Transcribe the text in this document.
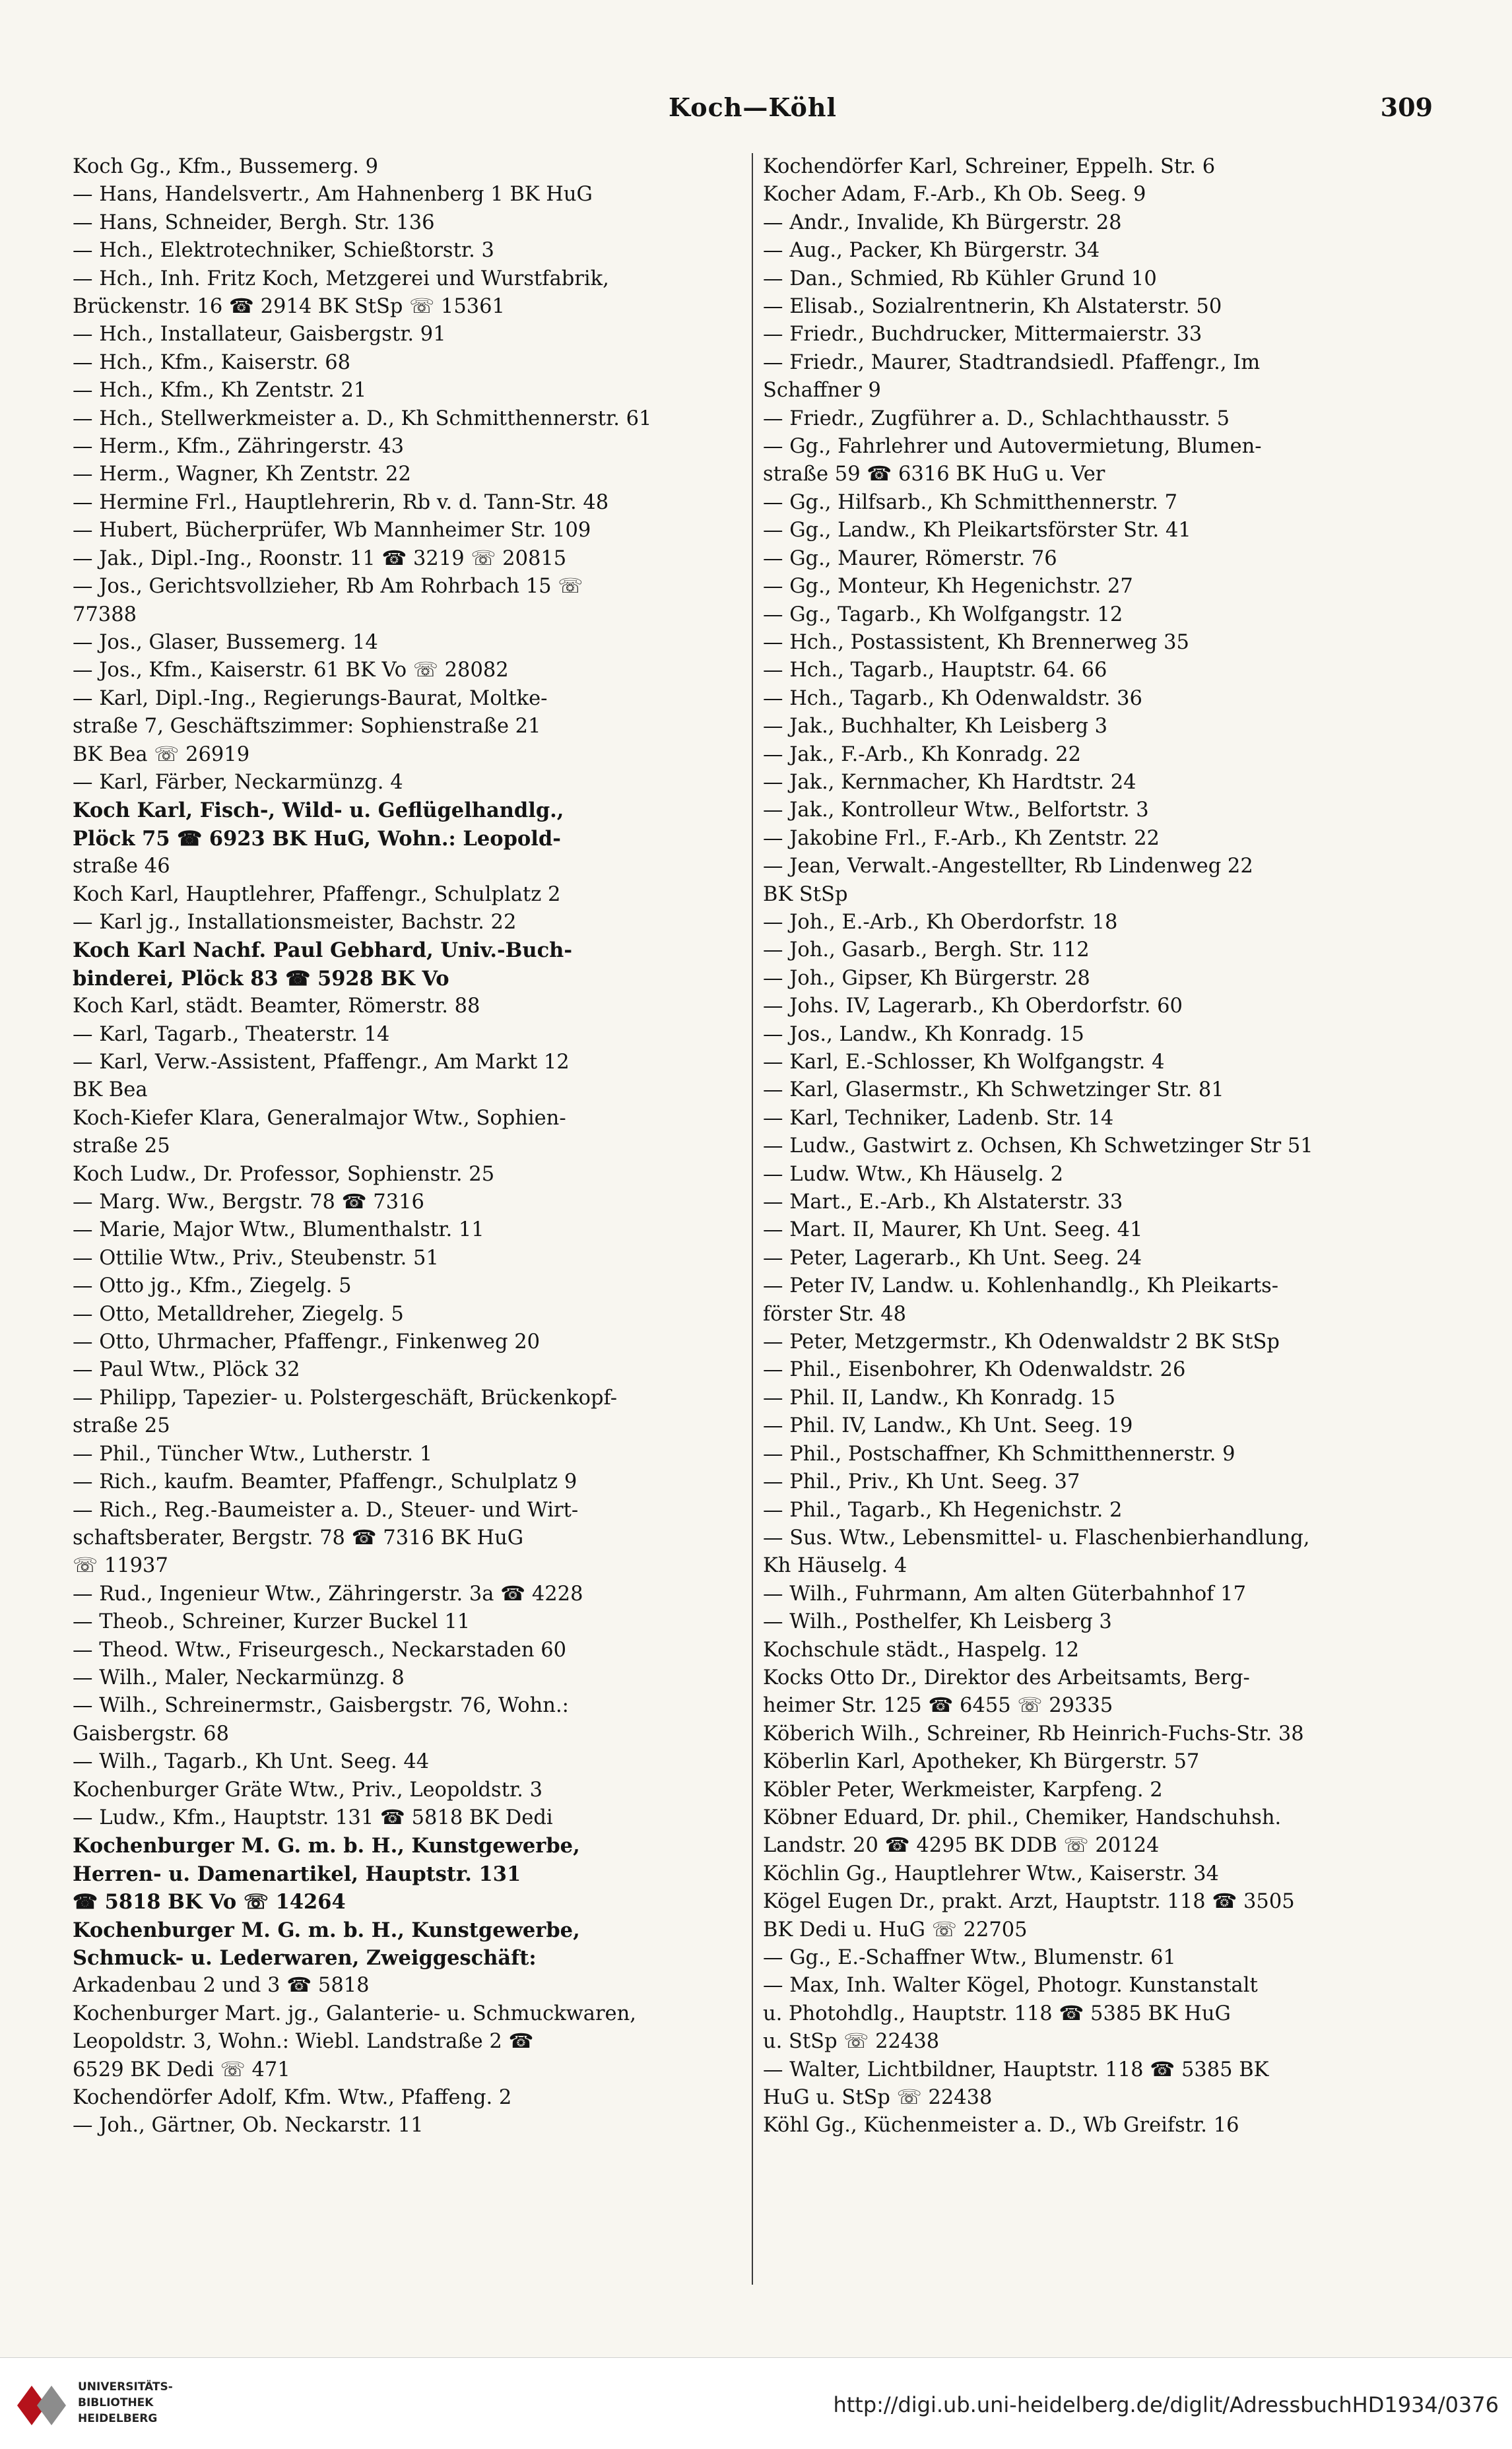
Koch—Köhl	309
Koch Gg., Kfm., Bussemerg. 9
— Hans, Handelsvertr., Am Hahnenberg 1 BK HuG
— Hans, Schneider, Bergh. Str. 136
— Hch., Elektrotechniker, Schießtorstr. 3
— Hch., Inh. Fritz Koch, Metzgerei und Wurstfabrik,
Brückenstr. 16 ☎ 2914 BK StSp ☏ 15361
— Hch., Installateur, Gaisbergstr. 91
— Hch., Kfm., Kaiserstr. 68
— Hch., Kfm., Kh Zentstr. 21
— Hch., Stellwerkmeister a. D., Kh Schmitthennerstr. 61
— Herm., Kfm., Zähringerstr. 43
— Herm., Wagner, Kh Zentstr. 22
— Hermine Frl., Hauptlehrerin, Rb v. d. Tann-Str. 48
— Hubert, Bücherprüfer, Wb Mannheimer Str. 109
— Jak., Dipl.-Ing., Roonstr. 11 ☎ 3219 ☏ 20815
— Jos., Gerichtsvollzieher, Rb Am Rohrbach 15 ☏
77388
— Jos., Glaser, Bussemerg. 14
— Jos., Kfm., Kaiserstr. 61 BK Vo ☏ 28082
— Karl, Dipl.-Ing., Regierungs-Baurat, Moltke-
straße 7, Geschäftszimmer: Sophienstraße 21
BK Bea ☏ 26919
— Karl, Färber, Neckarmünzg. 4
Koch Karl, Fisch-, Wild- u. Geflügelhandlg.,
Plöck 75 ☎ 6923 BK HuG, Wohn.: Leopold-
straße 46
Koch Karl, Hauptlehrer, Pfaffengr., Schulplatz 2
— Karl jg., Installationsmeister, Bachstr. 22
Koch Karl Nachf. Paul Gebhard, Univ.-Buch-
binderei, Plöck 83 ☎ 5928 BK Vo
Koch Karl, städt. Beamter, Römerstr. 88
— Karl, Tagarb., Theaterstr. 14
— Karl, Verw.-Assistent, Pfaffengr., Am Markt 12
BK Bea
Koch-Kiefer Klara, Generalmajor Wtw., Sophien-
straße 25
Koch Ludw., Dr. Professor, Sophienstr. 25
— Marg. Ww., Bergstr. 78 ☎ 7316
— Marie, Major Wtw., Blumenthalstr. 11
— Ottilie Wtw., Priv., Steubenstr. 51
— Otto jg., Kfm., Ziegelg. 5
— Otto, Metalldreher, Ziegelg. 5
— Otto, Uhrmacher, Pfaffengr., Finkenweg 20
— Paul Wtw., Plöck 32
— Philipp, Tapezier- u. Polstergeschäft, Brückenkopf-
straße 25
— Phil., Tüncher Wtw., Lutherstr. 1
— Rich., kaufm. Beamter, Pfaffengr., Schulplatz 9
— Rich., Reg.-Baumeister a. D., Steuer- und Wirt-
schaftsberater, Bergstr. 78 ☎ 7316 BK HuG
☏ 11937
— Rud., Ingenieur Wtw., Zähringerstr. 3a ☎ 4228
— Theob., Schreiner, Kurzer Buckel 11
— Theod. Wtw., Friseurgesch., Neckarstaden 60
— Wilh., Maler, Neckarmünzg. 8
— Wilh., Schreinermstr., Gaisbergstr. 76, Wohn.:
Gaisbergstr. 68
— Wilh., Tagarb., Kh Unt. Seeg. 44
Kochenburger Gräte Wtw., Priv., Leopoldstr. 3
— Ludw., Kfm., Hauptstr. 131 ☎ 5818 BK Dedi
Kochenburger M. G. m. b. H., Kunstgewerbe,
Herren- u. Damenartikel, Hauptstr. 131
☎ 5818 BK Vo ☏ 14264
Kochenburger M. G. m. b. H., Kunstgewerbe,
Schmuck- u. Lederwaren, Zweiggeschäft:
Arkadenbau 2 und 3 ☎ 5818
Kochenburger Mart. jg., Galanterie- u. Schmuckwaren,
Leopoldstr. 3, Wohn.: Wiebl. Landstraße 2 ☎
6529 BK Dedi ☏ 471
Kochendörfer Adolf, Kfm. Wtw., Pfaffeng. 2
— Joh., Gärtner, Ob. Neckarstr. 11
Kochendörfer Karl, Schreiner, Eppelh. Str. 6
Kocher Adam, F.-Arb., Kh Ob. Seeg. 9
— Andr., Invalide, Kh Bürgerstr. 28
— Aug., Packer, Kh Bürgerstr. 34
— Dan., Schmied, Rb Kühler Grund 10
— Elisab., Sozialrentnerin, Kh Alstaterstr. 50
— Friedr., Buchdrucker, Mittermaierstr. 33
— Friedr., Maurer, Stadtrandsiedl. Pfaffengr., Im
Schaffner 9
— Friedr., Zugführer a. D., Schlachthausstr. 5
— Gg., Fahrlehrer und Autovermietung, Blumen-
straße 59 ☎ 6316 BK HuG u. Ver
— Gg., Hilfsarb., Kh Schmitthennerstr. 7
— Gg., Landw., Kh Pleikartsförster Str. 41
— Gg., Maurer, Römerstr. 76
— Gg., Monteur, Kh Hegenichstr. 27
— Gg., Tagarb., Kh Wolfgangstr. 12
— Hch., Postassistent, Kh Brennerweg 35
— Hch., Tagarb., Hauptstr. 64. 66
— Hch., Tagarb., Kh Odenwaldstr. 36
— Jak., Buchhalter, Kh Leisberg 3
— Jak., F.-Arb., Kh Konradg. 22
— Jak., Kernmacher, Kh Hardtstr. 24
— Jak., Kontrolleur Wtw., Belfortstr. 3
— Jakobine Frl., F.-Arb., Kh Zentstr. 22
— Jean, Verwalt.-Angestellter, Rb Lindenweg 22
BK StSp
— Joh., E.-Arb., Kh Oberdorfstr. 18
— Joh., Gasarb., Bergh. Str. 112
— Joh., Gipser, Kh Bürgerstr. 28
— Johs. IV, Lagerarb., Kh Oberdorfstr. 60
— Jos., Landw., Kh Konradg. 15
— Karl, E.-Schlosser, Kh Wolfgangstr. 4
— Karl, Glasermstr., Kh Schwetzinger Str. 81
— Karl, Techniker, Ladenb. Str. 14
— Ludw., Gastwirt z. Ochsen, Kh Schwetzinger Str 51
— Ludw. Wtw., Kh Häuselg. 2
— Mart., E.-Arb., Kh Alstaterstr. 33
— Mart. II, Maurer, Kh Unt. Seeg. 41
— Peter, Lagerarb., Kh Unt. Seeg. 24
— Peter IV, Landw. u. Kohlenhandlg., Kh Pleikarts-
förster Str. 48
— Peter, Metzgermstr., Kh Odenwaldstr 2 BK StSp
— Phil., Eisenbohrer, Kh Odenwaldstr. 26
— Phil. II, Landw., Kh Konradg. 15
— Phil. IV, Landw., Kh Unt. Seeg. 19
— Phil., Postschaffner, Kh Schmitthennerstr. 9
— Phil., Priv., Kh Unt. Seeg. 37
— Phil., Tagarb., Kh Hegenichstr. 2
— Sus. Wtw., Lebensmittel- u. Flaschenbierhandlung,
Kh Häuselg. 4
— Wilh., Fuhrmann, Am alten Güterbahnhof 17
— Wilh., Posthelfer, Kh Leisberg 3
Kochschule städt., Haspelg. 12
Kocks Otto Dr., Direktor des Arbeitsamts, Berg-
heimer Str. 125 ☎ 6455 ☏ 29335
Köberich Wilh., Schreiner, Rb Heinrich-Fuchs-Str. 38
Köberlin Karl, Apotheker, Kh Bürgerstr. 57
Köbler Peter, Werkmeister, Karpfeng. 2
Köbner Eduard, Dr. phil., Chemiker, Handschuhsh.
Landstr. 20 ☎ 4295 BK DDB ☏ 20124
Köchlin Gg., Hauptlehrer Wtw., Kaiserstr. 34
Kögel Eugen Dr., prakt. Arzt, Hauptstr. 118 ☎ 3505
BK Dedi u. HuG ☏ 22705
— Gg., E.-Schaffner Wtw., Blumenstr. 61
— Max, Inh. Walter Kögel, Photogr. Kunstanstalt
u. Photohdlg., Hauptstr. 118 ☎ 5385 BK HuG
u. StSp ☏ 22438
— Walter, Lichtbildner, Hauptstr. 118 ☎ 5385 BK
HuG u. StSp ☏ 22438
Köhl Gg., Küchenmeister a. D., Wb Greifstr. 16
UNIVERSITÄTS-
BIBLIOTHEK
HEIDELBERG
http://digi.ub.uni-heidelberg.de/diglit/AdressbuchHD1934/0376
